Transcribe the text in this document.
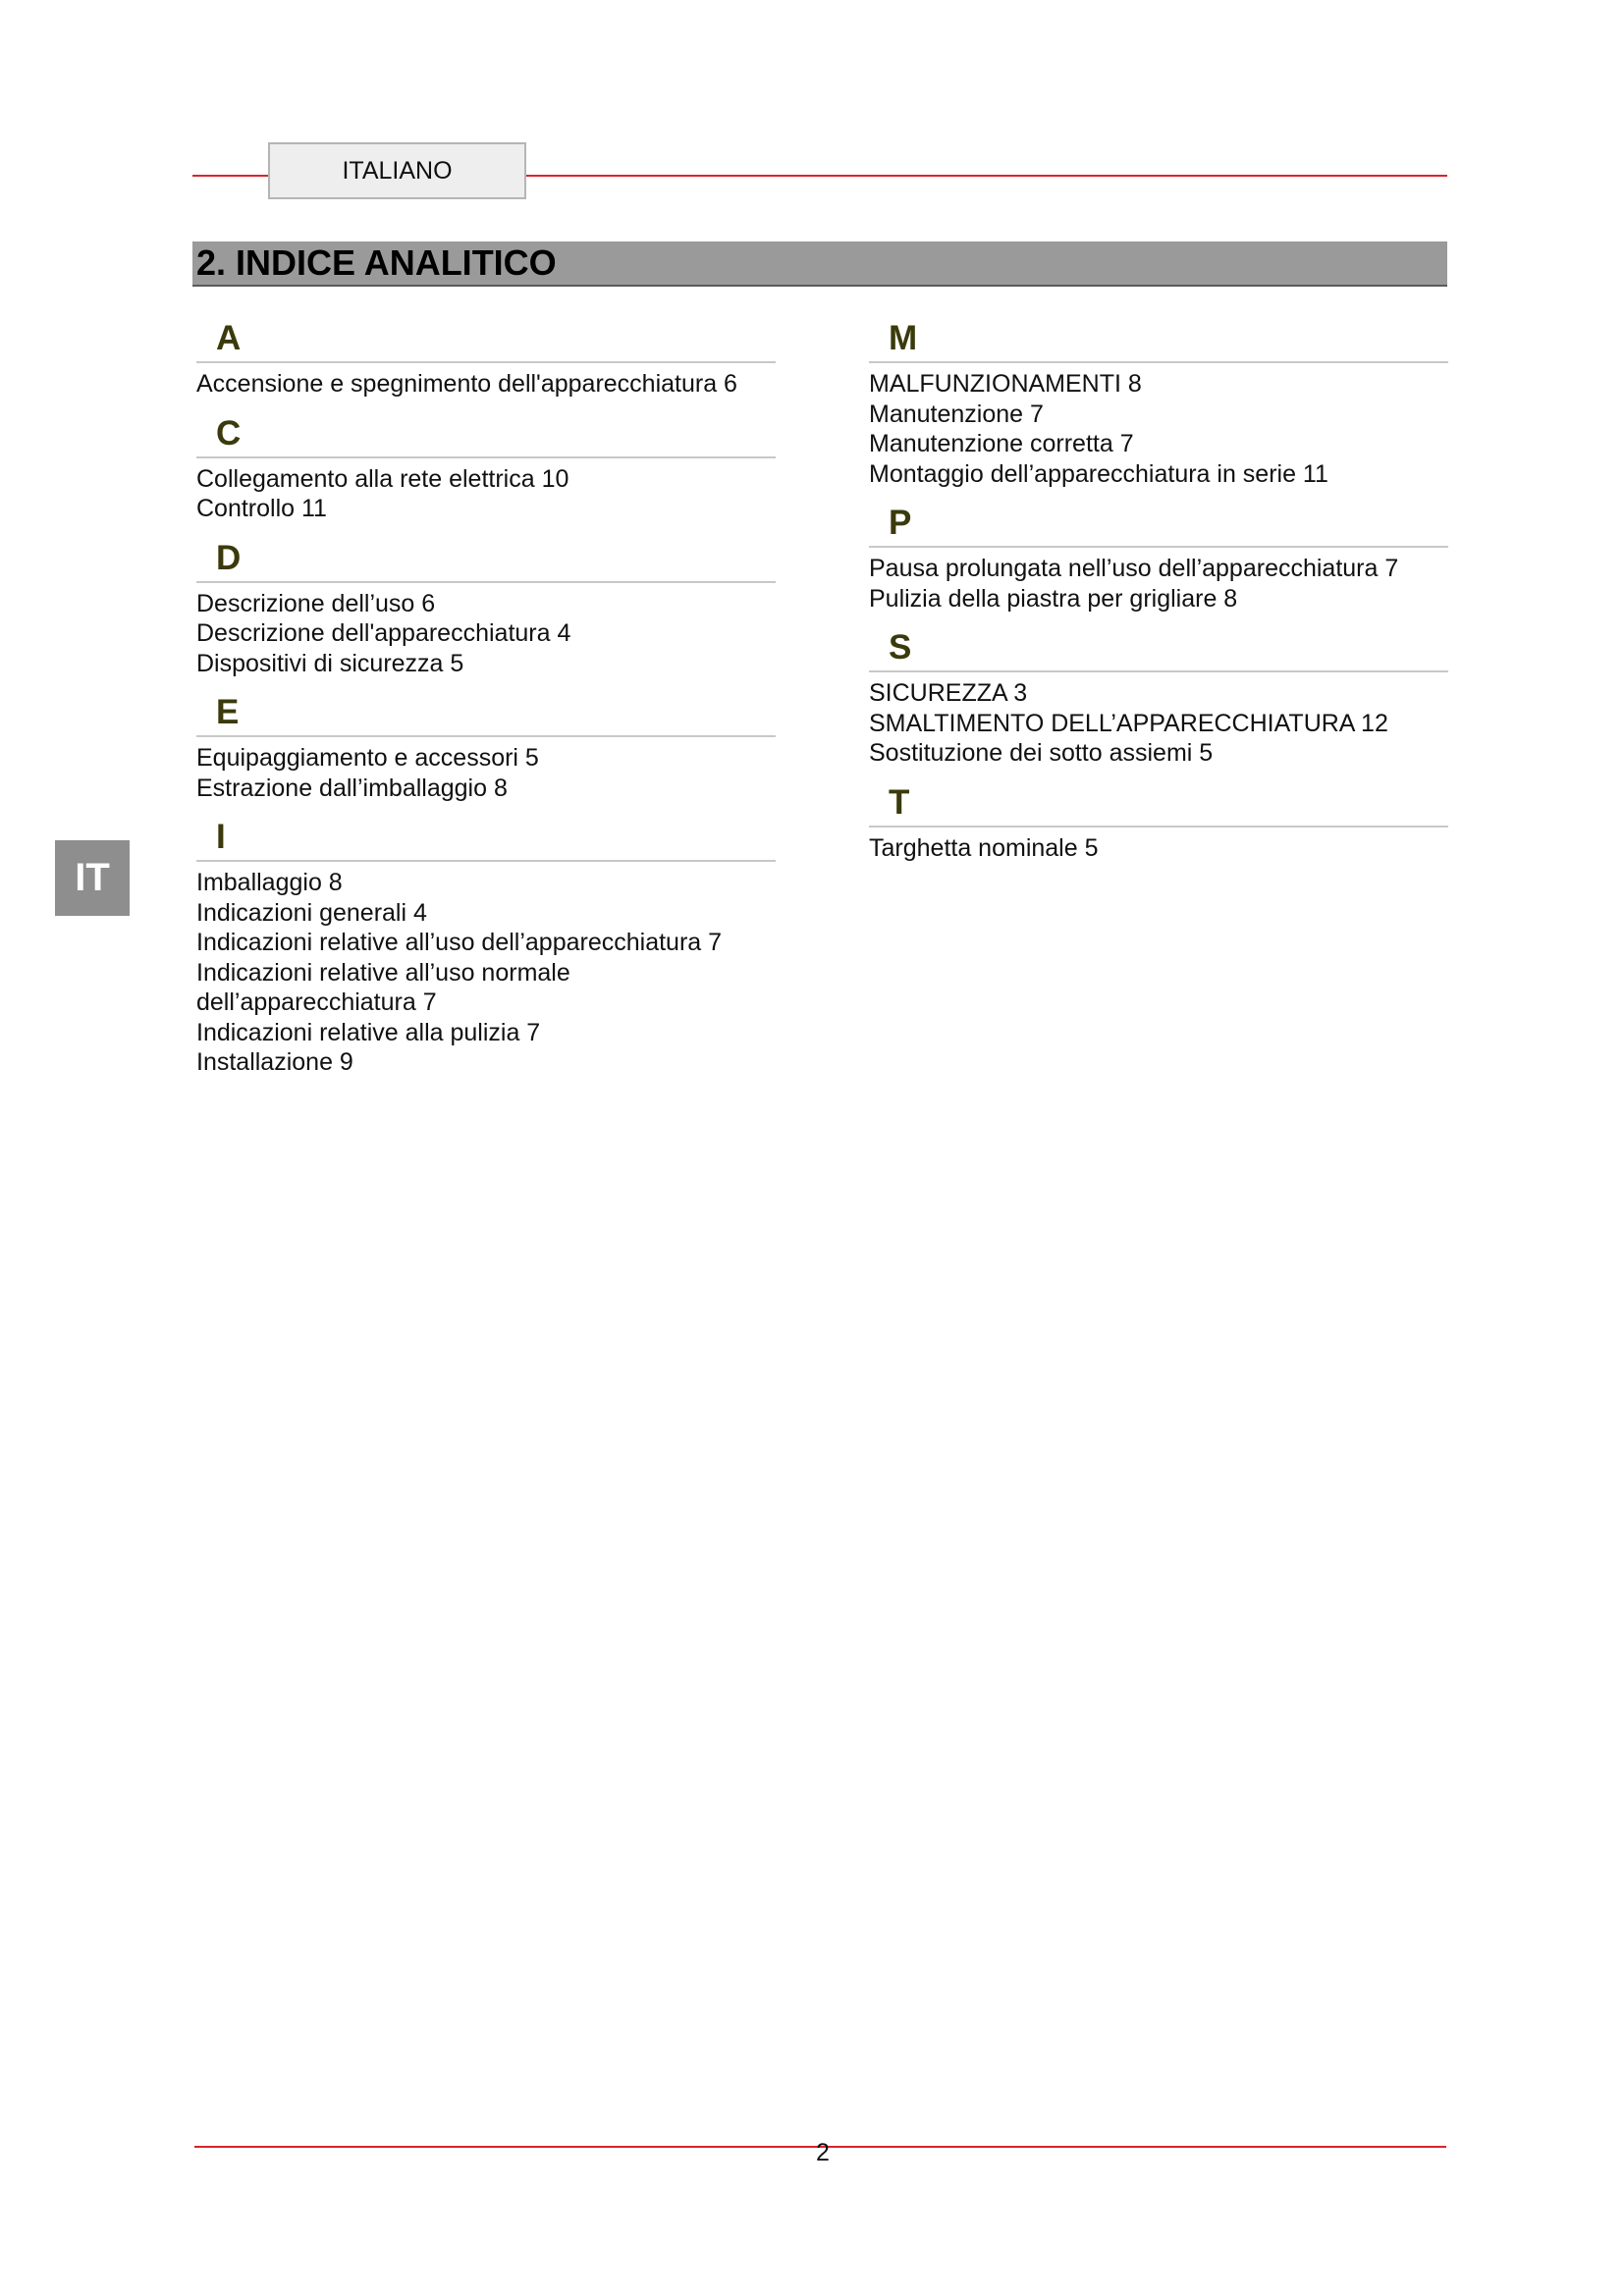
ITALIANO
2. INDICE ANALITICO
IT
A
Accensione e spegnimento dell'apparecchiatura 6
C
Collegamento alla rete elettrica 10
Controllo 11
D
Descrizione dell’uso 6
Descrizione dell'apparecchiatura 4
Dispositivi di sicurezza 5
E
Equipaggiamento e accessori 5
Estrazione dall’imballaggio 8
I
Imballaggio 8
Indicazioni generali 4
Indicazioni relative all’uso dell’apparecchiatura 7
Indicazioni relative all’uso normale dell’apparecchiatura 7
Indicazioni relative alla pulizia 7
Installazione 9
M
MALFUNZIONAMENTI 8
Manutenzione 7
Manutenzione corretta 7
Montaggio dell’apparecchiatura in serie 11
P
Pausa prolungata nell’uso dell’apparecchiatura 7
Pulizia della piastra per grigliare 8
S
SICUREZZA 3
SMALTIMENTO DELL’APPARECCHIATURA 12
Sostituzione dei sotto assiemi 5
T
Targhetta nominale 5
2
